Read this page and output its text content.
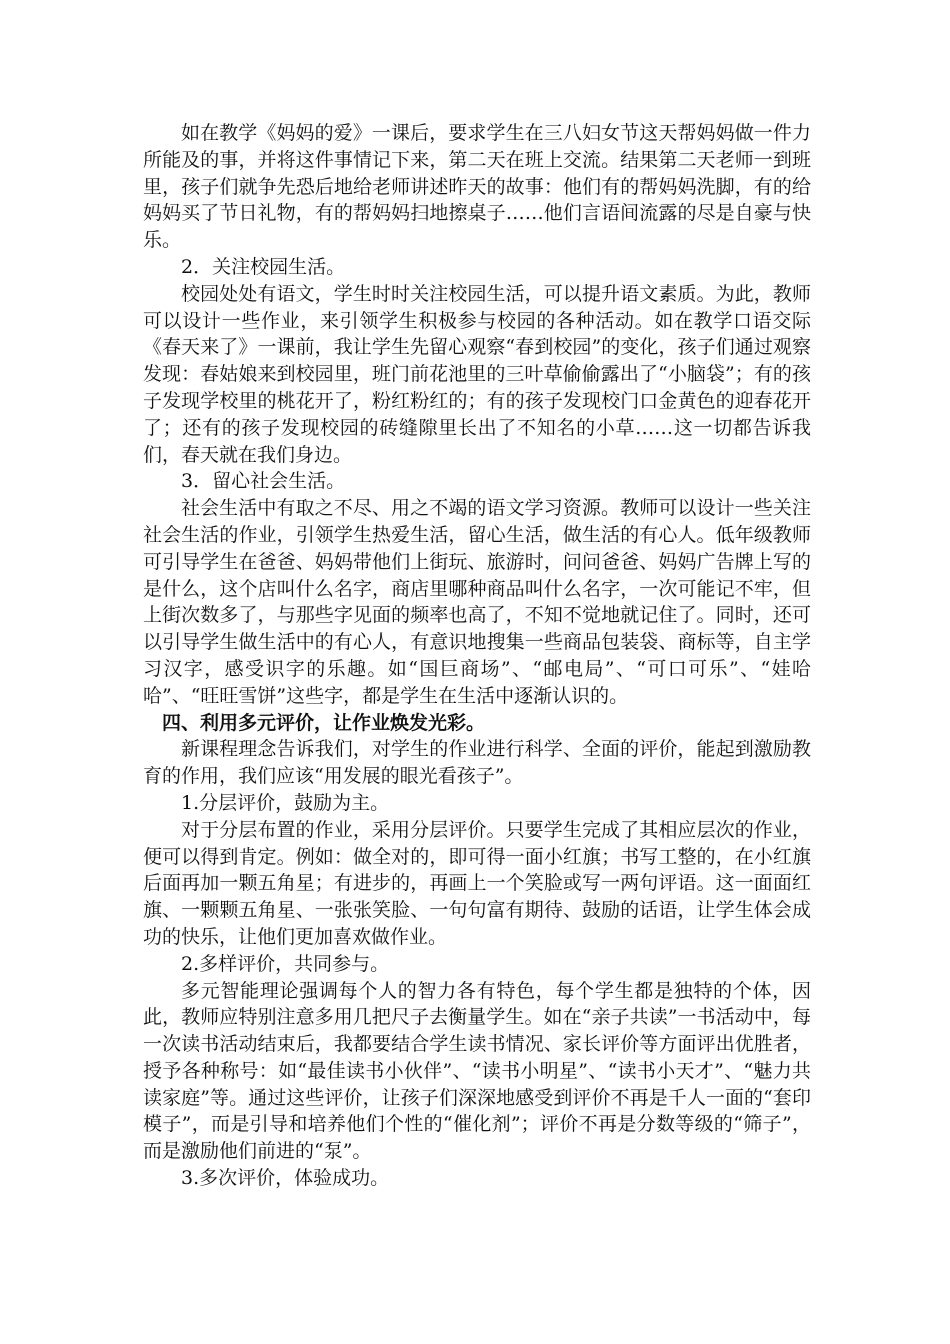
如在教学《妈妈的爱》一课后，要求学生在三八妇女节这天帮妈妈做一件力所能及的事，并将这件事情记下来，第二天在班上交流。结果第二天老师一到班里，孩子们就争先恐后地给老师讲述昨天的故事：他们有的帮妈妈洗脚，有的给妈妈买了节日礼物，有的帮妈妈扫地擦桌子……他们言语间流露的尽是自豪与快乐。

2．关注校园生活。

校园处处有语文，学生时时关注校园生活，可以提升语文素质。为此，教师可以设计一些作业，来引领学生积极参与校园的各种活动。如在教学口语交际《春天来了》一课前，我让学生先留心观察“春到校园”的变化，孩子们通过观察发现：春姑娘来到校园里，班门前花池里的三叶草偷偷露出了“小脑袋”；有的孩子发现学校里的桃花开了，粉红粉红的；有的孩子发现校门口金黄色的迎春花开了；还有的孩子发现校园的砖缝隙里长出了不知名的小草……这一切都告诉我们，春天就在我们身边。

3．留心社会生活。

社会生活中有取之不尽、用之不竭的语文学习资源。教师可以设计一些关注社会生活的作业，引领学生热爱生活，留心生活，做生活的有心人。低年级教师可引导学生在爸爸、妈妈带他们上街玩、旅游时，问问爸爸、妈妈广告牌上写的是什么，这个店叫什么名字，商店里哪种商品叫什么名字，一次可能记不牢，但上街次数多了，与那些字见面的频率也高了，不知不觉地就记住了。同时，还可以引导学生做生活中的有心人，有意识地搜集一些商品包装袋、商标等，自主学习汉字，感受识字的乐趣。如“国巨商场”、“邮电局”、“可口可乐”、“娃哈哈”、“旺旺雪饼”这些字，都是学生在生活中逐渐认识的。

四、利用多元评价，让作业焕发光彩。

新课程理念告诉我们，对学生的作业进行科学、全面的评价，能起到激励教育的作用，我们应该“用发展的眼光看孩子”。

1.分层评价，鼓励为主。

对于分层布置的作业，采用分层评价。只要学生完成了其相应层次的作业，便可以得到肯定。例如：做全对的，即可得一面小红旗；书写工整的，在小红旗后面再加一颗五角星；有进步的，再画上一个笑脸或写一两句评语。这一面面红旗、一颗颗五角星、一张张笑脸、一句句富有期待、鼓励的话语，让学生体会成功的快乐，让他们更加喜欢做作业。

2.多样评价，共同参与。

多元智能理论强调每个人的智力各有特色，每个学生都是独特的个体，因此，教师应特别注意多用几把尺子去衡量学生。如在“亲子共读”一书活动中，每一次读书活动结束后，我都要结合学生读书情况、家长评价等方面评出优胜者，授予各种称号：如“最佳读书小伙伴”、“读书小明星”、“读书小天才”、“魅力共读家庭”等。通过这些评价，让孩子们深深地感受到评价不再是千人一面的“套印模子”，而是引导和培养他们个性的“催化剂”；评价不再是分数等级的“筛子”，而是激励他们前进的“泵”。

3.多次评价，体验成功。
